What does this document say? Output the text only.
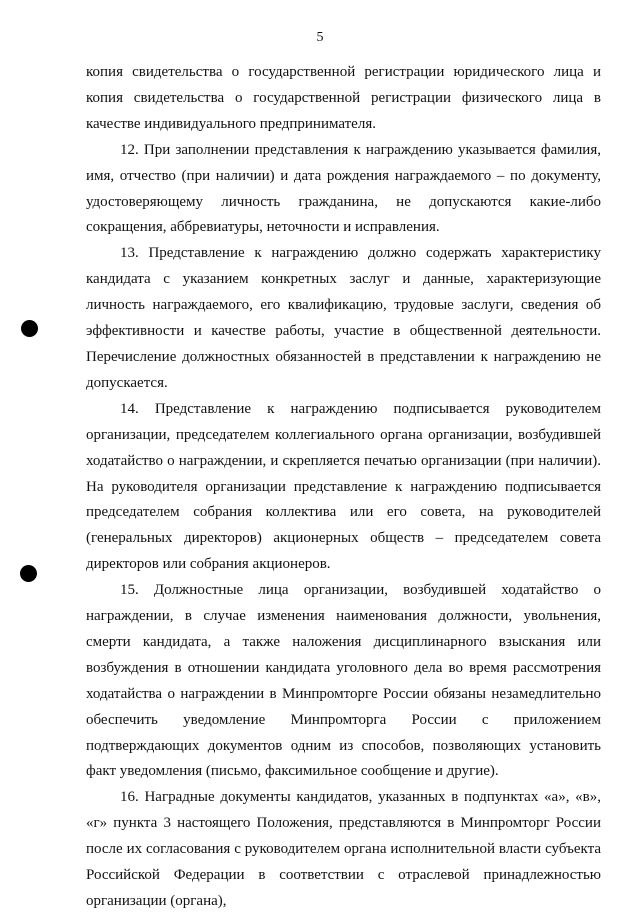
5

копия свидетельства о государственной регистрации юридического лица и копия свидетельства о государственной регистрации физического лица в качестве индивидуального предпринимателя.

12. При заполнении представления к награждению указывается фамилия, имя, отчество (при наличии) и дата рождения награждаемого – по документу, удостоверяющему личность гражданина, не допускаются какие-либо сокращения, аббревиатуры, неточности и исправления.

13. Представление к награждению должно содержать характеристику кандидата с указанием конкретных заслуг и данные, характеризующие личность награждаемого, его квалификацию, трудовые заслуги, сведения об эффективности и качестве работы, участие в общественной деятельности. Перечисление должностных обязанностей в представлении к награждению не допускается.

14. Представление к награждению подписывается руководителем организации, председателем коллегиального органа организации, возбудившей ходатайство о награждении, и скрепляется печатью организации (при наличии). На руководителя организации представление к награждению подписывается председателем собрания коллектива или его совета, на руководителей (генеральных директоров) акционерных обществ – председателем совета директоров или собрания акционеров.

15. Должностные лица организации, возбудившей ходатайство о награждении, в случае изменения наименования должности, увольнения, смерти кандидата, а также наложения дисциплинарного взыскания или возбуждения в отношении кандидата уголовного дела во время рассмотрения ходатайства о награждении в Минпромторге России обязаны незамедлительно обеспечить уведомление Минпромторга России с приложением подтверждающих документов одним из способов, позволяющих установить факт уведомления (письмо, факсимильное сообщение и другие).

16. Наградные документы кандидатов, указанных в подпунктах «а», «в», «г» пункта 3 настоящего Положения, представляются в Минпромторг России после их согласования с руководителем органа исполнительной власти субъекта Российской Федерации в соответствии с отраслевой принадлежностью организации (органа),
